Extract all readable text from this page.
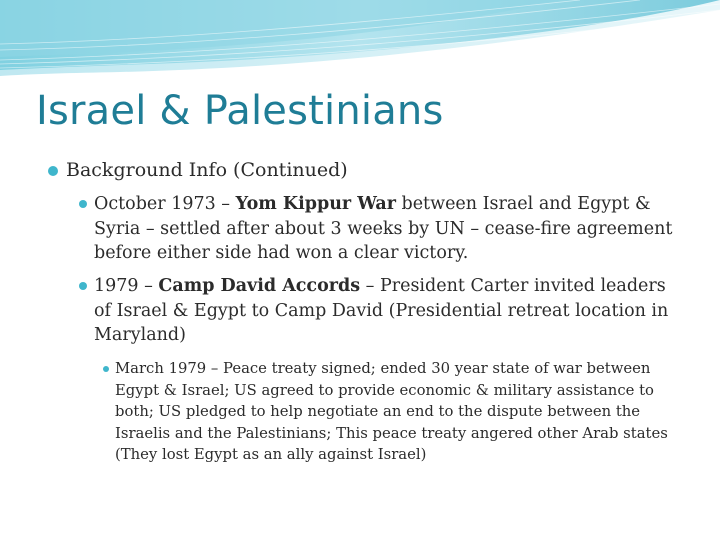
Israel & Palestinians
Background Info (Continued)
October 1973 – Yom Kippur War between Israel and Egypt & Syria – settled after about 3 weeks by UN – cease-fire agreement before either side had won a clear victory.
1979 – Camp David Accords – President Carter invited leaders of Israel & Egypt to Camp David (Presidential retreat location in Maryland)
March 1979 – Peace treaty signed; ended 30 year state of war between Egypt & Israel; US agreed to provide economic & military assistance to both; US pledged to help negotiate an end to the dispute between the Israelis and the Palestinians; This peace treaty angered other Arab states (They lost Egypt as an ally against Israel)
